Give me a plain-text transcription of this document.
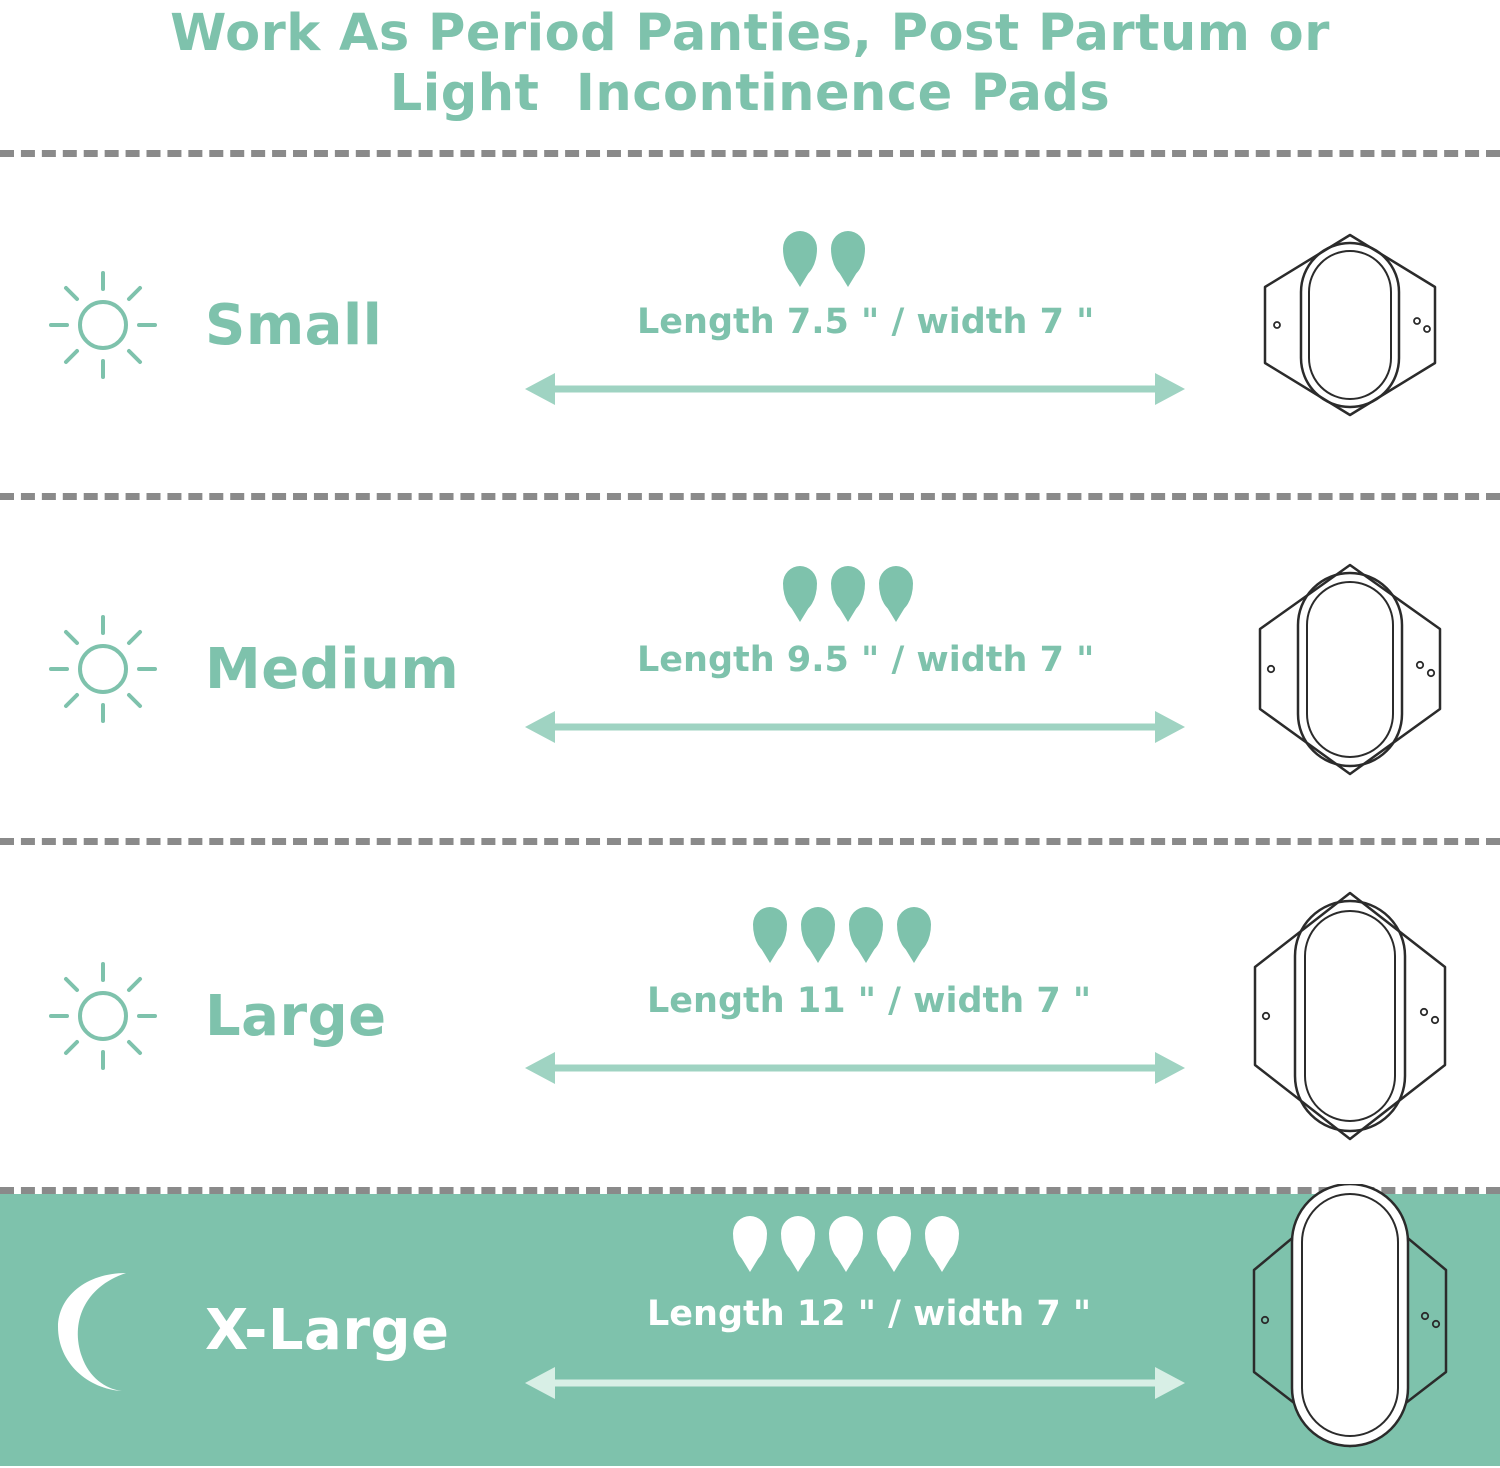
Work As Period Panties, Post Partum or
Light  Incontinence Pads
Small	Length 7.5 " / width 7 "
Medium	Length 9.5 " / width 7 "
Large	Length 11 " / width 7 "
X-Large	Length 12 " / width 7 "
